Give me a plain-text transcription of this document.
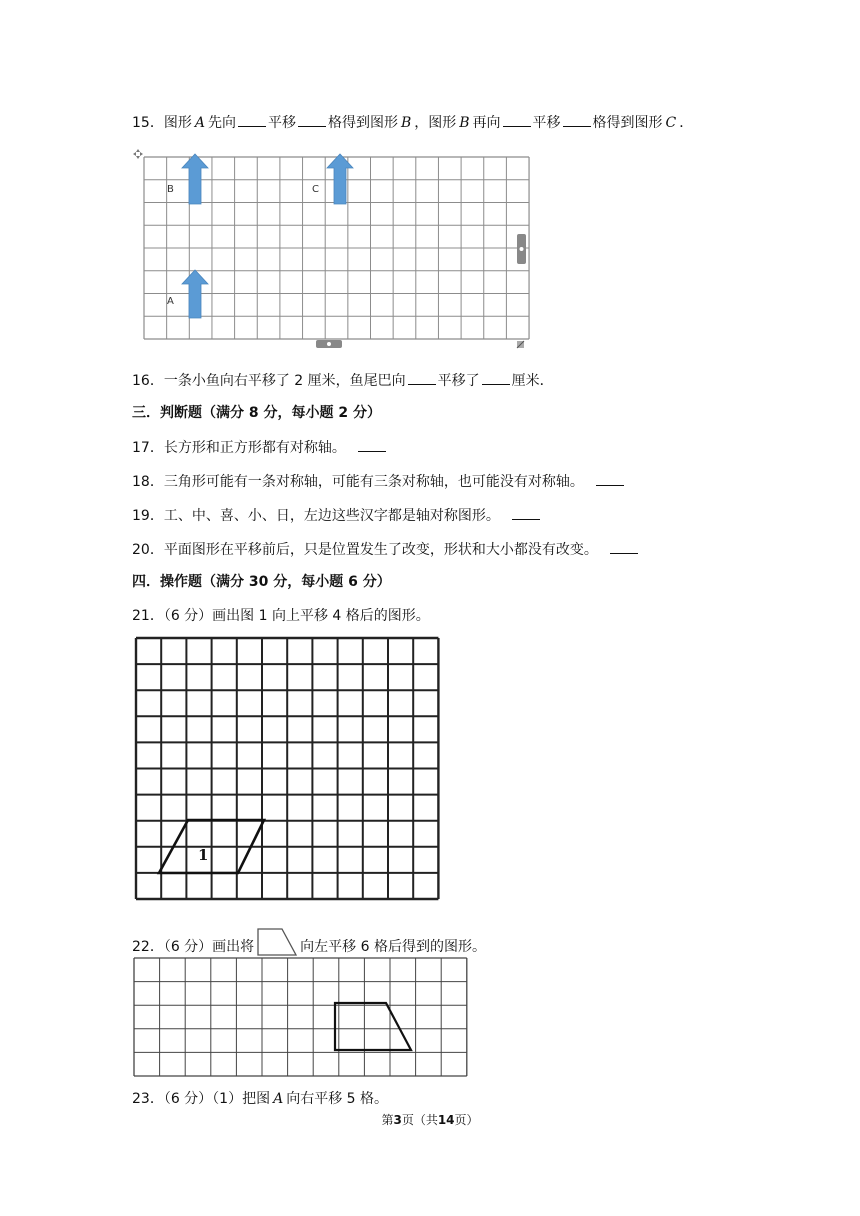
15．图形 A 先向 平移 格得到图形 B ，图形 B 再向 平移 格得到图形 C ．
B	C
A
16．一条小鱼向右平移了 2 厘米，鱼尾巴向 平移了 厘米．
三．判断题（满分 8 分，每小题 2 分）
17．长方形和正方形都有对称轴。
18．三角形可能有一条对称轴，可能有三条对称轴，也可能没有对称轴。
19．工、中、喜、小、日，左边这些汉字都是轴对称图形。
20．平面图形在平移前后，只是位置发生了改变，形状和大小都没有改变。
四．操作题（满分 30 分，每小题 6 分）
21．（6 分）画出图 1 向上平移 4 格后的图形。
1
22．（6 分）画出将	向左平移 6 格后得到的图形。
23．（6 分）（1）把图 A 向右平移 5 格。
第3页（共14页）
